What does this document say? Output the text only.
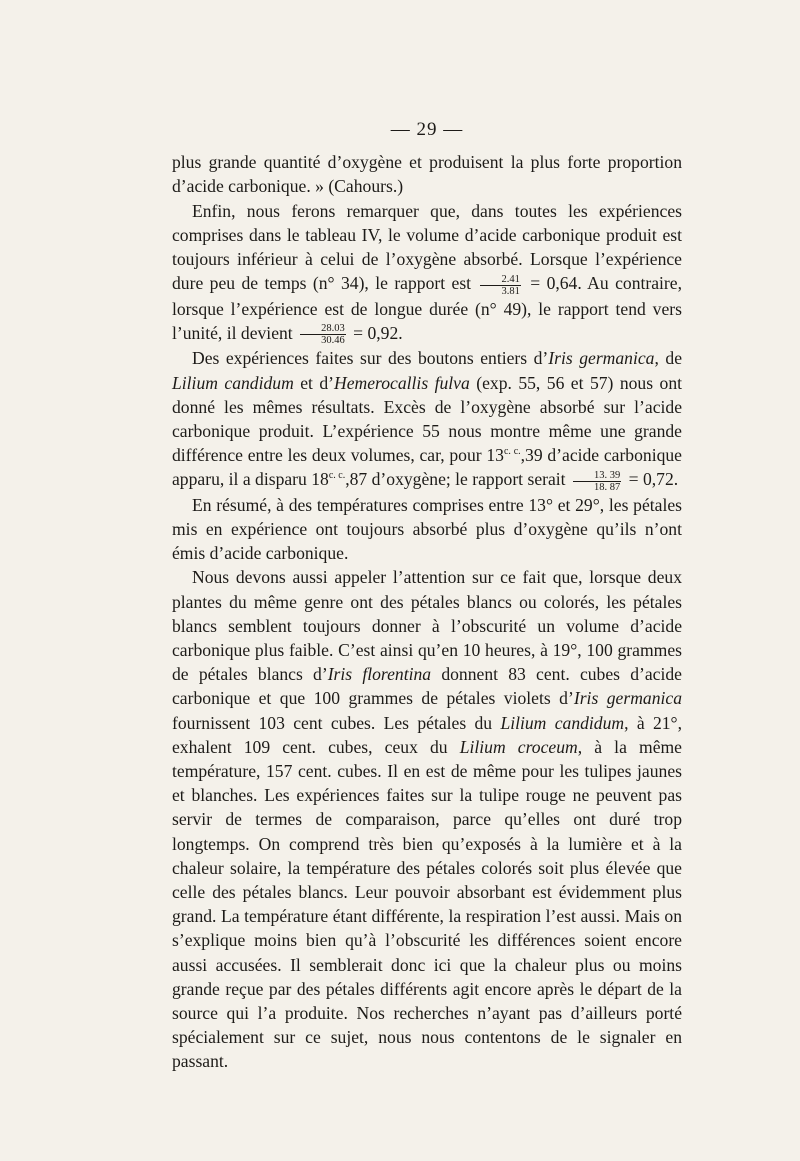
— 29 —

plus grande quantité d’oxygène et produisent la plus forte proportion d’acide carbonique. » (Cahours.)

Enfin, nous ferons remarquer que, dans toutes les expériences comprises dans le tableau IV, le volume d’acide carbonique produit est toujours inférieur à celui de l’oxygène absorbé. Lorsque l’expérience dure peu de temps (n° 34), le rapport est $\frac{2.41}{3.81} = 0,64$. Au contraire, lorsque l’expérience est de longue durée (n° 49), le rapport tend vers l’unité, il devient $\frac{28.03}{30.46} = 0,92$.

Des expériences faites sur des boutons entiers d’Iris germanica, de Lilium candidum et d’Hemerocallis fulva (exp. 55, 56 et 57) nous ont donné les mêmes résultats. Excès de l’oxygène absorbé sur l’acide carbonique produit. L’expérience 55 nous montre même une grande différence entre les deux volumes, car, pour $13^{c. c.},39$ d’acide carbonique apparu, il a disparu $18^{c. c.},87$ d’oxygène; le rapport serait $\frac{13. 39}{18. 87} = 0,72$.

En résumé, à des températures comprises entre 13° et 29°, les pétales mis en expérience ont toujours absorbé plus d’oxygène qu’ils n’ont émis d’acide carbonique.

Nous devons aussi appeler l’attention sur ce fait que, lorsque deux plantes du même genre ont des pétales blancs ou colorés, les pétales blancs semblent toujours donner à l’obscurité un volume d’acide carbonique plus faible. C’est ainsi qu’en 10 heures, à 19°, 100 grammes de pétales blancs d’Iris florentina donnent 83 cent. cubes d’acide carbonique et que 100 grammes de pétales violets d’Iris germanica fournissent 103 cent cubes. Les pétales du Lilium candidum, à 21°, exhalent 109 cent. cubes, ceux du Lilium croceum, à la même température, 157 cent. cubes. Il en est de même pour les tulipes jaunes et blanches. Les expériences faites sur la tulipe rouge ne peuvent pas servir de termes de comparaison, parce qu’elles ont duré trop longtemps. On comprend très bien qu’exposés à la lumière et à la chaleur solaire, la température des pétales colorés soit plus élevée que celle des pétales blancs. Leur pouvoir absorbant est évidemment plus grand. La température étant différente, la respiration l’est aussi. Mais on s’explique moins bien qu’à l’obscurité les différences soient encore aussi accusées. Il semblerait donc ici que la chaleur plus ou moins grande reçue par des pétales différents agit encore après le départ de la source qui l’a produite. Nos recherches n’ayant pas d’ailleurs porté spécialement sur ce sujet, nous nous contentons de le signaler en passant.
